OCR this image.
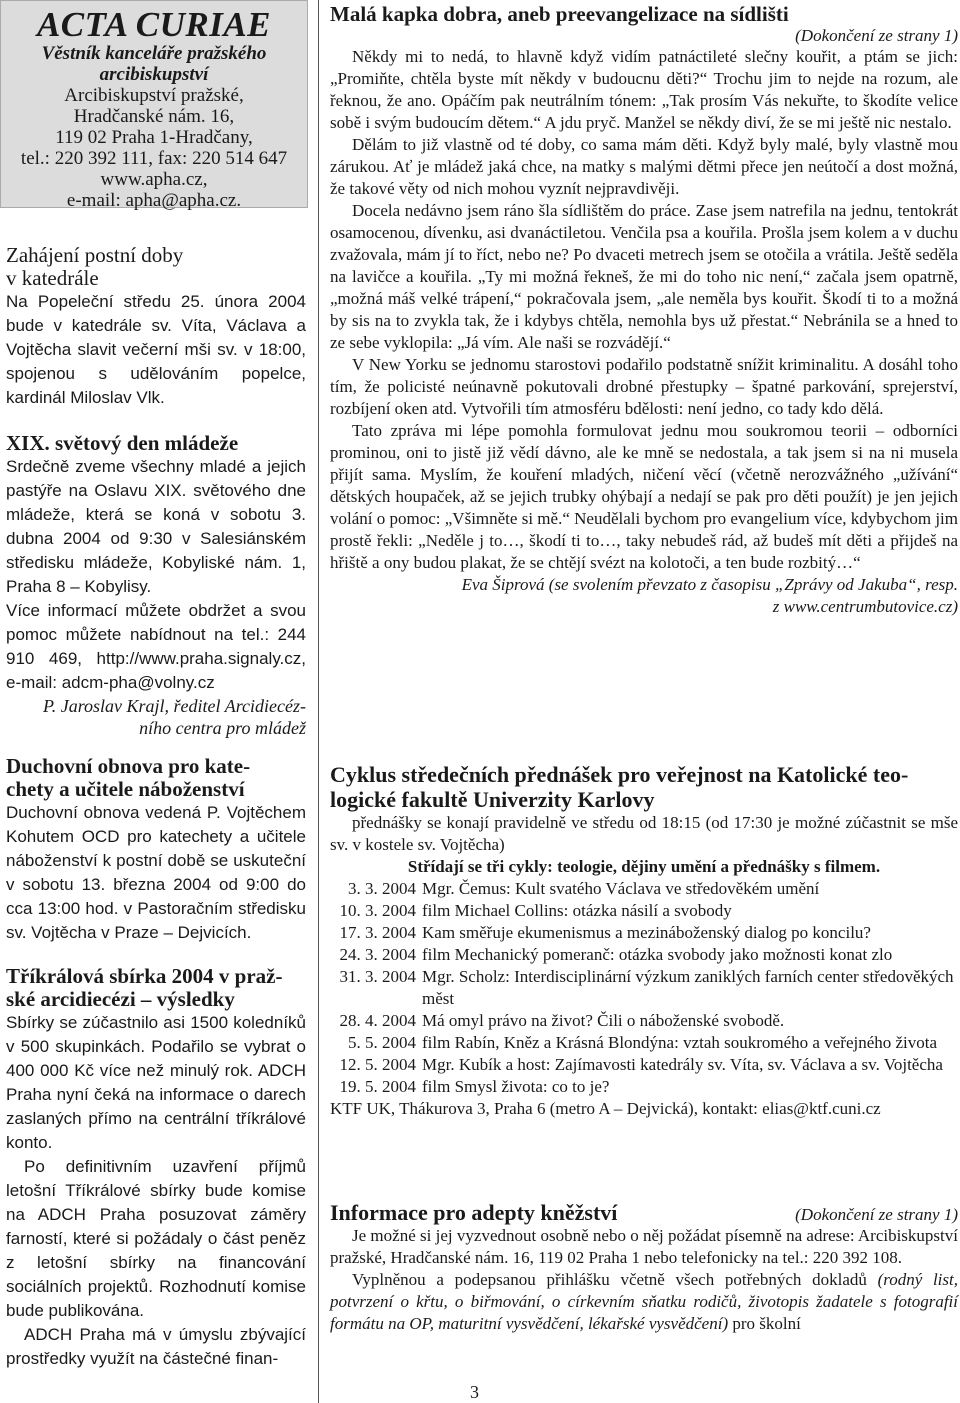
ACTA CURIAE
Věstník kanceláře pražského
arcibiskupství
Arcibiskupství pražské,
Hradčanské nám. 16,
119 02 Praha 1-Hradčany,
tel.: 220 392 111, fax: 220 514 647
www.apha.cz,
e-mail: apha@apha.cz.
Zahájení postní doby
v katedrále

Na Popeleční středu 25. února 2004 bude v katedrále sv. Víta, Václava a Vojtěcha slavit večerní mši sv. v 18:00, spojenou s udělováním popelce, kardinál Miloslav Vlk.

XIX. světový den mládeže

Srdečně zveme všechny mladé a jejich pastýře na Oslavu XIX. světového dne mládeže, která se koná v sobotu 3. dubna 2004 od 9:30 v Salesiánském středisku mládeže, Kobyliské nám. 1, Praha 8 – Kobylisy.

Více informací můžete obdržet a svou pomoc můžete nabídnout na tel.: 244 910 469, http://www.praha.signaly.cz, e-mail: adcm-pha@volny.cz

P. Jaroslav Krajl, ředitel Arcidiecéz-
ního centra pro mládež

Duchovní obnova pro kate-
chety a učitele náboženství

Duchovní obnova vedená P. Vojtěchem Kohutem OCD pro katechety a učitele náboženství k postní době se uskuteční v sobotu 13. března 2004 od 9:00 do cca 13:00 hod. v Pastoračním středisku sv. Vojtěcha v Praze – Dejvicích.

Tříkrálová sbírka 2004 v praž-
ské arcidiecézi – výsledky

Sbírky se zúčastnilo asi 1500 koledníků v 500 skupinkách. Podařilo se vybrat o 400 000 Kč více než minulý rok. ADCH Praha nyní čeká na informace o darech zaslaných přímo na centrální tříkrálové konto.

Po definitivním uzavření příjmů letošní Tříkrálové sbírky bude komise na ADCH Praha posuzovat záměry farností, které si požádaly o část peněz z letošní sbírky na financování sociálních projektů. Rozhodnutí komise bude publikována.

ADCH Praha má v úmyslu zbývající prostředky využít na částečné finan-

Malá kapka dobra, aneb preevangelizace na sídlišti
(Dokončení ze strany 1)

Někdy mi to nedá, to hlavně když vidím patnáctileté slečny kouřit, a ptám se jich: „Promiňte, chtěla byste mít někdy v budoucnu děti?“ Trochu jim to nejde na rozum, ale řeknou, že ano. Opáčím pak neutrálním tónem: „Tak prosím Vás nekuřte, to škodíte velice sobě i svým budoucím dětem.“ A jdu pryč. Manžel se někdy diví, že se mi ještě nic nestalo.

Dělám to již vlastně od té doby, co sama mám děti. Když byly malé, byly vlastně mou zárukou. Ať je mládež jaká chce, na matky s malými dětmi přece jen neútočí a dost možná, že takové věty od nich mohou vyznít nejpravdivěji.

Docela nedávno jsem ráno šla sídlištěm do práce. Zase jsem natrefila na jednu, tentokrát osamocenou, dívenku, asi dvanáctiletou. Venčila psa a kouřila. Prošla jsem kolem a v duchu zvažovala, mám jí to říct, nebo ne? Po dvaceti metrech jsem se otočila a vrátila. Ještě seděla na lavičce a kouřila. „Ty mi možná řekneš, že mi do toho nic není,“ začala jsem opatrně, „možná máš velké trápení,“ pokračovala jsem, „ale neměla bys kouřit. Škodí ti to a možná by sis na to zvykla tak, že i kdybys chtěla, nemohla bys už přestat.“ Nebránila se a hned to ze sebe vyklopila: „Já vím. Ale naši se rozvádějí.“

V New Yorku se jednomu starostovi podařilo podstatně snížit kriminalitu. A dosáhl toho tím, že policisté neúnavně pokutovali drobné přestupky – špatné parkování, sprejerství, rozbíjení oken atd. Vytvořili tím atmosféru bdělosti: není jedno, co tady kdo dělá.

Tato zpráva mi lépe pomohla formulovat jednu mou soukromou teorii – odborníci prominou, oni to jistě již vědí dávno, ale ke mně se nedostala, a tak jsem si na ni musela přijít sama. Myslím, že kouření mladých, ničení věcí (včetně nerozvážného „užívání“ dětských houpaček, až se jejich trubky ohýbají a nedají se pak pro děti použít) je jen jejich volání o pomoc: „Všimněte si mě.“ Neudělali bychom pro evangelium více, kdybychom jim prostě řekli: „Neděle j to…, škodí ti to…, taky nebudeš rád, až budeš mít děti a přijdeš na hřiště a ony budou plakat, že se chtějí svézt na kolotoči, a ten bude rozbitý…“

Eva Šiprová (se svolením převzato z časopisu „Zprávy od Jakuba“, resp.
z www.centrumbutovice.cz)

Cyklus středečních přednášek pro veřejnost na Katolické teo-
logické fakultě Univerzity Karlovy

přednášky se konají pravidelně ve středu od 18:15 (od 17:30 je možné zúčastnit se mše sv. v kostele sv. Vojtěcha)

Střídají se tři cykly: teologie, dějiny umění a přednášky s filmem.

3. 3. 2004 Mgr. Čemus: Kult svatého Václava ve středověkém umění
10. 3. 2004 film Michael Collins: otázka násilí a svobody
17. 3. 2004 Kam směřuje ekumenismus a mezináboženský dialog po koncilu?
24. 3. 2004 film Mechanický pomeranč: otázka svobody jako možnosti konat zlo
31. 3. 2004 Mgr. Scholz: Interdisciplinární výzkum zaniklých farních center středověkých měst
28. 4. 2004 Má omyl právo na život? Čili o náboženské svobodě.
5. 5. 2004 film Rabín, Kněz a Krásná Blondýna: vztah soukromého a veřejného života
12. 5. 2004 Mgr. Kubík a host: Zajímavosti katedrály sv. Víta, sv. Václava a sv. Vojtěcha
19. 5. 2004 film Smysl života: co to je?

KTF UK, Thákurova 3, Praha 6 (metro A – Dejvická), kontakt: elias@ktf.cuni.cz

Informace pro adepty kněžství	(Dokončení ze strany 1)

Je možné si jej vyzvednout osobně nebo o něj požádat písemně na adrese: Arcibiskupství pražské, Hradčanské nám. 16, 119 02 Praha 1 nebo telefonicky na tel.: 220 392 108.

Vyplněnou a podepsanou přihlášku včetně všech potřebných dokladů (rodný list, potvrzení o křtu, o biřmování, o církevním sňatku rodičů, životopis žadatele s fotografií formátu na OP, maturitní vysvědčení, lékařské vysvědčení) pro školní

3
